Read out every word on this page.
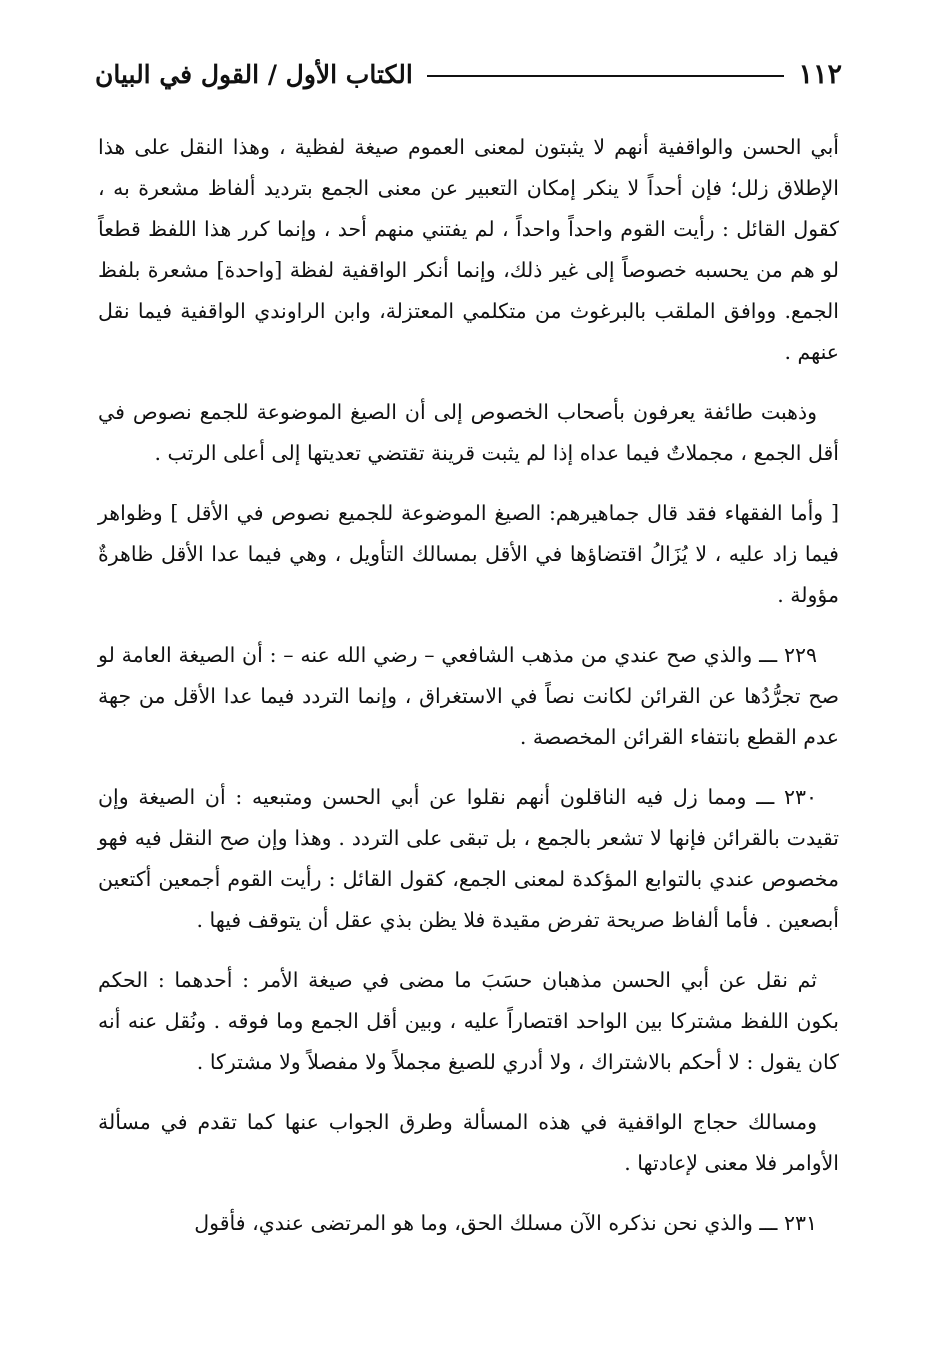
١١٢
الكتاب الأول / القول في البيان

أبي الحسن والواقفية أنهم لا يثبتون لمعنى العموم صيغة لفظية ، وهذا النقل على هذا الإطلاق زلل؛ فإن أحداً لا ينكر إمكان التعبير عن معنى الجمع بترديد ألفاظ مشعرة به ، كقول القائل : رأيت القوم واحداً واحداً ، لم يفتني منهم أحد ، وإنما كرر هذا اللفظ قطعاً لو هم من يحسبه خصوصاً إلى غير ذلك، وإنما أنكر الواقفية لفظة [واحدة] مشعرة بلفظ الجمع. ووافق الملقب بالبرغوث من متكلمي المعتزلة، وابن الراوندي الواقفية فيما نقل عنهم .

وذهبت طائفة يعرفون بأصحاب الخصوص إلى أن الصيغ الموضوعة للجمع نصوص في أقل الجمع ، مجملاتٌ فيما عداه إذا لم يثبت قرينة تقتضي تعديتها إلى أعلى الرتب .

[ وأما الفقهاء فقد قال جماهيرهم: الصيغ الموضوعة للجميع نصوص في الأقل ] وظواهر فيما زاد عليه ، لا يُزَالُ اقتضاؤها في الأقل بمسالك التأويل ، وهي فيما عدا الأقل ظاهرةٌ مؤولة .

٢٢٩ ـــ والذي صح عندي من مذهب الشافعي – رضي الله عنه – : أن الصيغة العامة لو صح تجرُّدُها عن القرائن لكانت نصاً في الاستغراق ، وإنما التردد فيما عدا الأقل من جهة عدم القطع بانتفاء القرائن المخصصة .

٢٣٠ ـــ ومما زل فيه الناقلون أنهم نقلوا عن أبي الحسن ومتبعيه : أن الصيغة وإن تقيدت بالقرائن فإنها لا تشعر بالجمع ، بل تبقى على التردد . وهذا وإن صح النقل فيه فهو مخصوص عندي بالتوابع المؤكدة لمعنى الجمع، كقول القائل : رأيت القوم أجمعين أكتعين أبصعين . فأما ألفاظ صريحة تفرض مقيدة فلا يظن بذي عقل أن يتوقف فيها .

ثم نقل عن أبي الحسن مذهبان حسَبَ ما مضى في صيغة الأمر : أحدهما : الحكم بكون اللفظ مشتركا بين الواحد اقتصاراً عليه ، وبين أقل الجمع وما فوقه . ونُقل عنه أنه كان يقول : لا أحكم بالاشتراك ، ولا أدري للصيغ مجملاً ولا مفصلاً ولا مشتركا .

ومسالك حجاج الواقفية في هذه المسألة وطرق الجواب عنها كما تقدم في مسألة الأوامر فلا معنى لإعادتها .

٢٣١ ـــ والذي نحن نذكره الآن مسلك الحق، وما هو المرتضى عندي، فأقول
